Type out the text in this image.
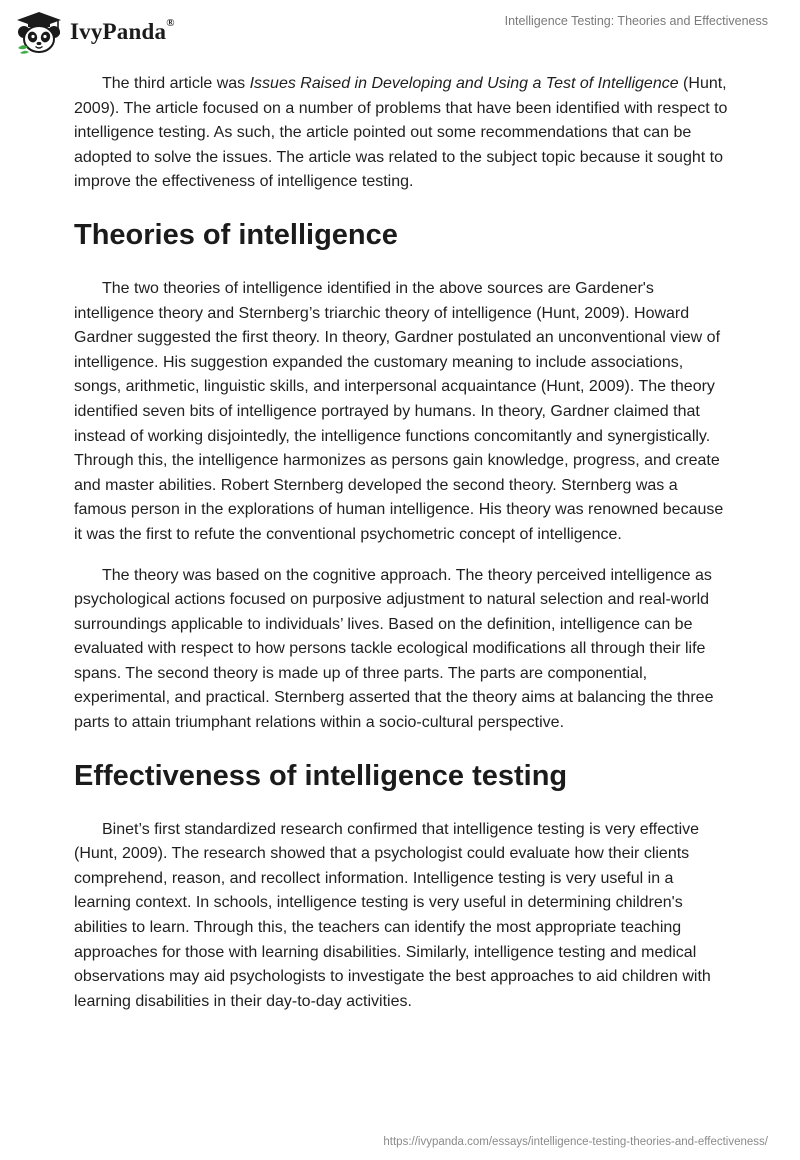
IvyPanda®	Intelligence Testing: Theories and Effectiveness

The third article was Issues Raised in Developing and Using a Test of Intelligence (Hunt, 2009). The article focused on a number of problems that have been identified with respect to intelligence testing. As such, the article pointed out some recommendations that can be adopted to solve the issues. The article was related to the subject topic because it sought to improve the effectiveness of intelligence testing.

Theories of intelligence

The two theories of intelligence identified in the above sources are Gardener's intelligence theory and Sternberg’s triarchic theory of intelligence (Hunt, 2009). Howard Gardner suggested the first theory. In theory, Gardner postulated an unconventional view of intelligence. His suggestion expanded the customary meaning to include associations, songs, arithmetic, linguistic skills, and interpersonal acquaintance (Hunt, 2009). The theory identified seven bits of intelligence portrayed by humans. In theory, Gardner claimed that instead of working disjointedly, the intelligence functions concomitantly and synergistically. Through this, the intelligence harmonizes as persons gain knowledge, progress, and create and master abilities. Robert Sternberg developed the second theory. Sternberg was a famous person in the explorations of human intelligence. His theory was renowned because it was the first to refute the conventional psychometric concept of intelligence.

The theory was based on the cognitive approach. The theory perceived intelligence as psychological actions focused on purposive adjustment to natural selection and real-world surroundings applicable to individuals’ lives. Based on the definition, intelligence can be evaluated with respect to how persons tackle ecological modifications all through their life spans. The second theory is made up of three parts. The parts are componential, experimental, and practical. Sternberg asserted that the theory aims at balancing the three parts to attain triumphant relations within a socio-cultural perspective.

Effectiveness of intelligence testing

Binet’s first standardized research confirmed that intelligence testing is very effective (Hunt, 2009). The research showed that a psychologist could evaluate how their clients comprehend, reason, and recollect information. Intelligence testing is very useful in a learning context. In schools, intelligence testing is very useful in determining children's abilities to learn. Through this, the teachers can identify the most appropriate teaching approaches for those with learning disabilities. Similarly, intelligence testing and medical observations may aid psychologists to investigate the best approaches to aid children with learning disabilities in their day-to-day activities.

https://ivypanda.com/essays/intelligence-testing-theories-and-effectiveness/
